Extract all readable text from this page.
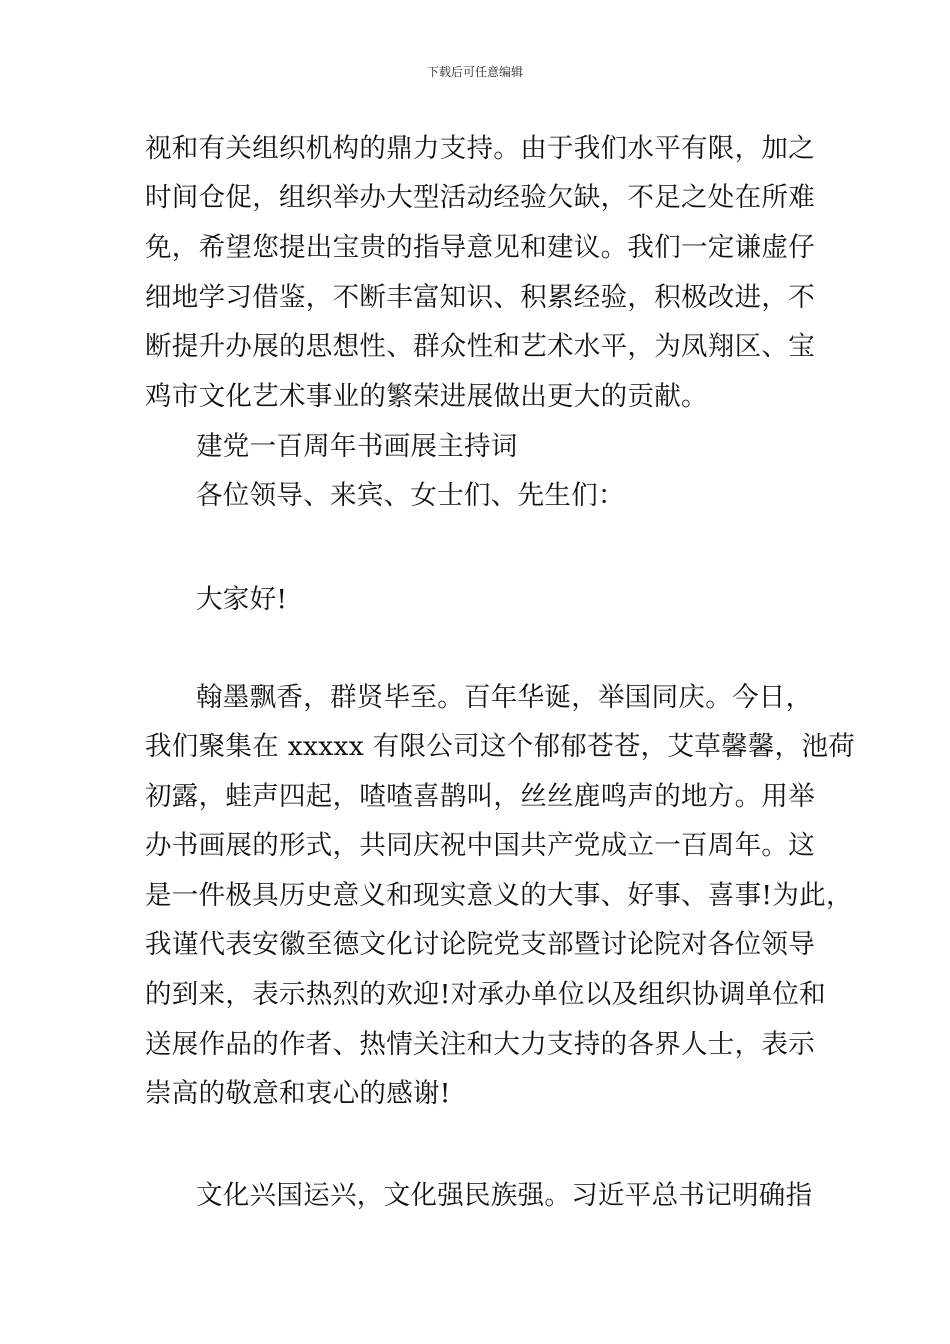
下载后可任意编辑
视和有关组织机构的鼎力支持。由于我们水平有限，加之
时间仓促，组织举办大型活动经验欠缺，不足之处在所难
免，希望您提出宝贵的指导意见和建议。我们一定谦虚仔
细地学习借鉴，不断丰富知识、积累经验，积极改进，不
断提升办展的思想性、群众性和艺术水平，为凤翔区、宝
鸡市文化艺术事业的繁荣进展做出更大的贡献。
建党一百周年书画展主持词
各位领导、来宾、女士们、先生们：
大家好!
翰墨飘香，群贤毕至。百年华诞，举国同庆。今日，
我们聚集在 xxxxx 有限公司这个郁郁苍苍，艾草馨馨，池荷
初露，蛙声四起，喳喳喜鹊叫，丝丝鹿鸣声的地方。用举
办书画展的形式，共同庆祝中国共产党成立一百周年。这
是一件极具历史意义和现实意义的大事、好事、喜事!为此，
我谨代表安徽至德文化讨论院党支部暨讨论院对各位领导
的到来，表示热烈的欢迎!对承办单位以及组织协调单位和
送展作品的作者、热情关注和大力支持的各界人士，表示
崇高的敬意和衷心的感谢!
文化兴国运兴，文化强民族强。习近平总书记明确指
